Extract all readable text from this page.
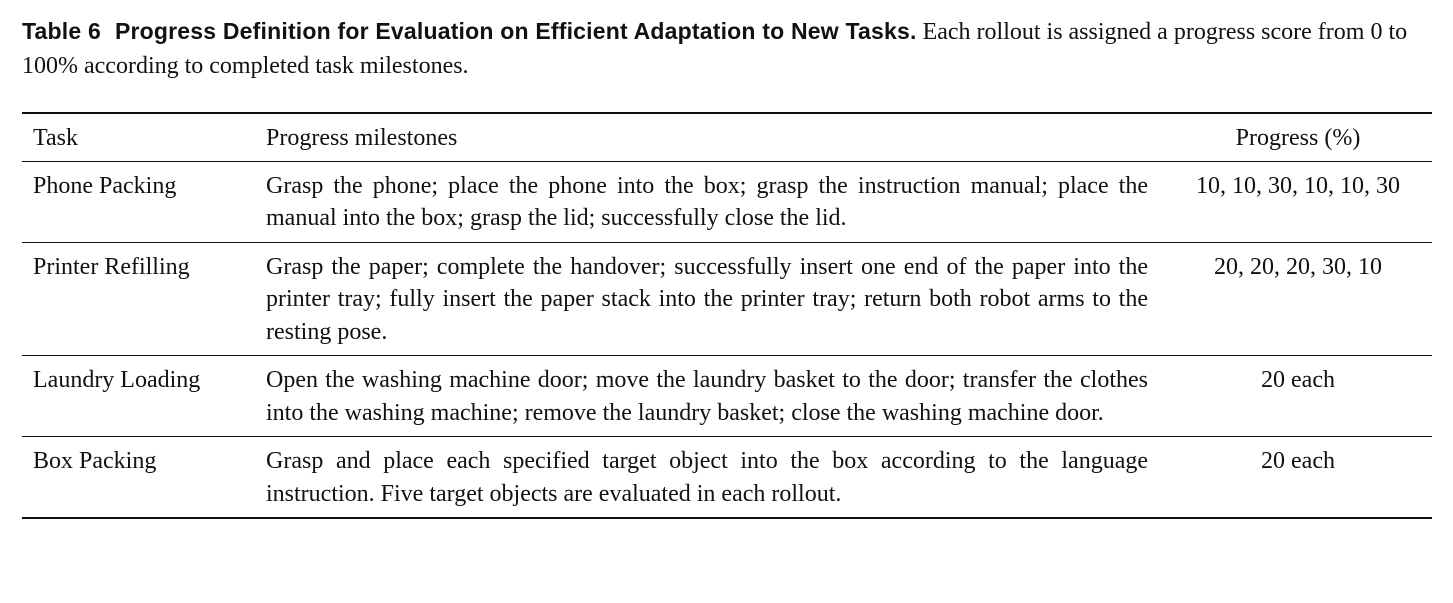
Table 6 Progress Definition for Evaluation on Efficient Adaptation to New Tasks. Each rollout is assigned a progress score from 0 to 100% according to completed task milestones.

Task	Progress milestones	Progress (%)
Phone Packing	Grasp the phone; place the phone into the box; grasp the instruction manual; place the manual into the box; grasp the lid; successfully close the lid.	10, 10, 30, 10, 10, 30
Printer Refilling	Grasp the paper; complete the handover; successfully insert one end of the paper into the printer tray; fully insert the paper stack into the printer tray; return both robot arms to the resting pose.	20, 20, 20, 30, 10
Laundry Loading	Open the washing machine door; move the laundry basket to the door; transfer the clothes into the washing machine; remove the laundry basket; close the washing machine door.	20 each
Box Packing	Grasp and place each specified target object into the box according to the language instruction. Five target objects are evaluated in each rollout.	20 each
